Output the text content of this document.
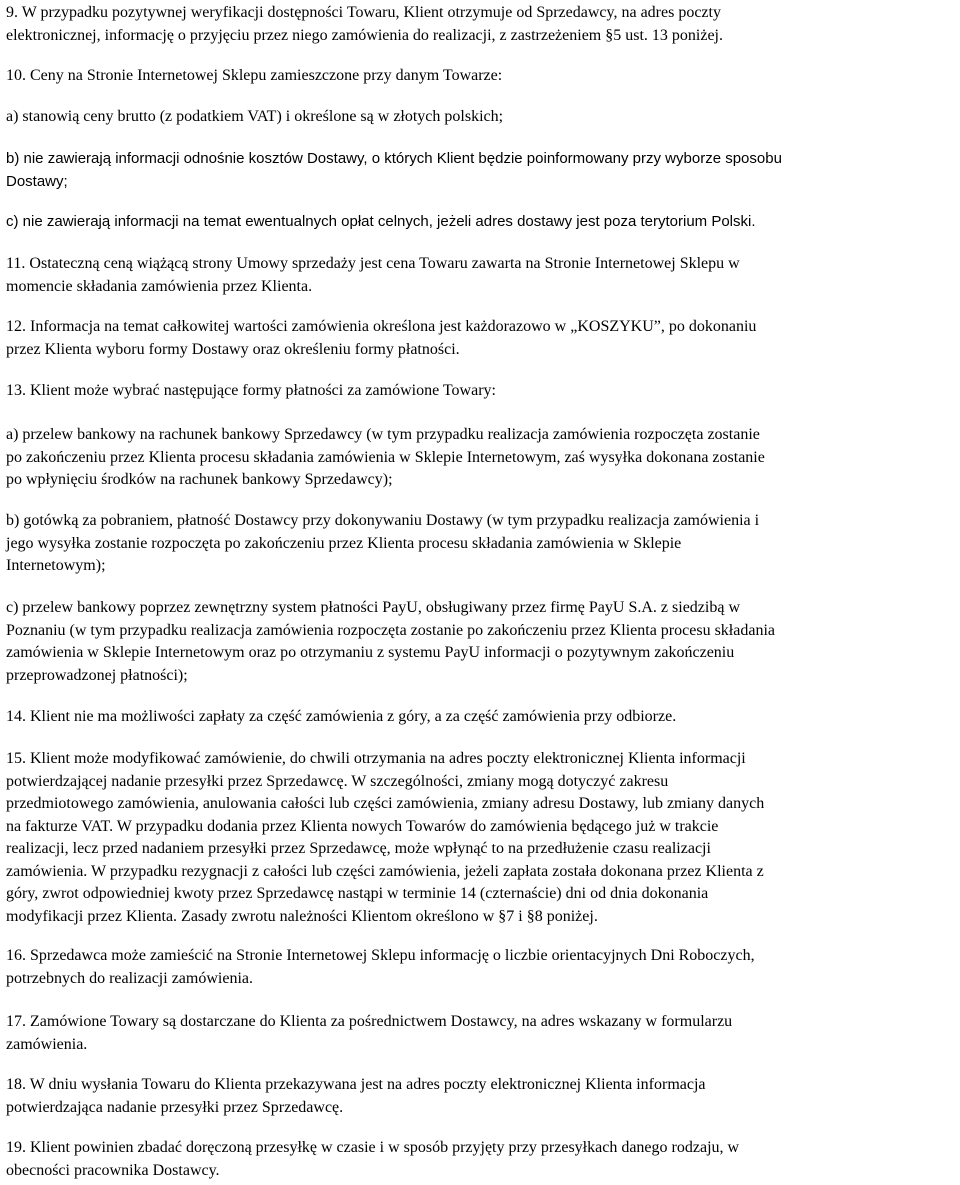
9. W przypadku pozytywnej weryfikacji dostępności Towaru, Klient otrzymuje od Sprzedawcy, na adres poczty
elektronicznej, informację o przyjęciu przez niego zamówienia do realizacji, z zastrzeżeniem §5 ust. 13 poniżej.

10. Ceny na Stronie Internetowej Sklepu zamieszczone przy danym Towarze:

a) stanowią ceny brutto (z podatkiem VAT) i określone są w złotych polskich;

b) nie zawierają informacji odnośnie kosztów Dostawy, o których Klient będzie poinformowany przy wyborze sposobu
Dostawy;

c) nie zawierają informacji na temat ewentualnych opłat celnych, jeżeli adres dostawy jest poza terytorium Polski.

11. Ostateczną ceną wiążącą strony Umowy sprzedaży jest cena Towaru zawarta na Stronie Internetowej Sklepu w
momencie składania zamówienia przez Klienta.

12. Informacja na temat całkowitej wartości zamówienia określona jest każdorazowo w „KOSZYKU”, po dokonaniu
przez Klienta wyboru formy Dostawy oraz określeniu formy płatności.

13. Klient może wybrać następujące formy płatności za zamówione Towary:

a) przelew bankowy na rachunek bankowy Sprzedawcy (w tym przypadku realizacja zamówienia rozpoczęta zostanie
po zakończeniu przez Klienta procesu składania zamówienia w Sklepie Internetowym, zaś wysyłka dokonana zostanie
po wpłynięciu środków na rachunek bankowy Sprzedawcy);

b) gotówką za pobraniem, płatność Dostawcy przy dokonywaniu Dostawy (w tym przypadku realizacja zamówienia i
jego wysyłka zostanie rozpoczęta po zakończeniu przez Klienta procesu składania zamówienia w Sklepie
Internetowym);

c) przelew bankowy poprzez zewnętrzny system płatności PayU, obsługiwany przez firmę PayU S.A. z siedzibą w
Poznaniu (w tym przypadku realizacja zamówienia rozpoczęta zostanie po zakończeniu przez Klienta procesu składania
zamówienia w Sklepie Internetowym oraz po otrzymaniu z systemu PayU informacji o pozytywnym zakończeniu
przeprowadzonej płatności);

14. Klient nie ma możliwości zapłaty za część zamówienia z góry, a za część zamówienia przy odbiorze.

15. Klient może modyfikować zamówienie, do chwili otrzymania na adres poczty elektronicznej Klienta informacji
potwierdzającej nadanie przesyłki przez Sprzedawcę. W szczególności, zmiany mogą dotyczyć zakresu
przedmiotowego zamówienia, anulowania całości lub części zamówienia, zmiany adresu Dostawy, lub zmiany danych
na fakturze VAT. W przypadku dodania przez Klienta nowych Towarów do zamówienia będącego już w trakcie
realizacji, lecz przed nadaniem przesyłki przez Sprzedawcę, może wpłynąć to na przedłużenie czasu realizacji
zamówienia. W przypadku rezygnacji z całości lub części zamówienia, jeżeli zapłata została dokonana przez Klienta z
góry, zwrot odpowiedniej kwoty przez Sprzedawcę nastąpi w terminie 14 (czternaście) dni od dnia dokonania
modyfikacji przez Klienta. Zasady zwrotu należności Klientom określono w §7 i §8 poniżej.

16. Sprzedawca może zamieścić na Stronie Internetowej Sklepu informację o liczbie orientacyjnych Dni Roboczych,
potrzebnych do realizacji zamówienia.

17. Zamówione Towary są dostarczane do Klienta za pośrednictwem Dostawcy, na adres wskazany w formularzu
zamówienia.

18. W dniu wysłania Towaru do Klienta przekazywana jest na adres poczty elektronicznej Klienta informacja
potwierdzająca nadanie przesyłki przez Sprzedawcę.

19. Klient powinien zbadać doręczoną przesyłkę w czasie i w sposób przyjęty przy przesyłkach danego rodzaju, w
obecności pracownika Dostawcy.
